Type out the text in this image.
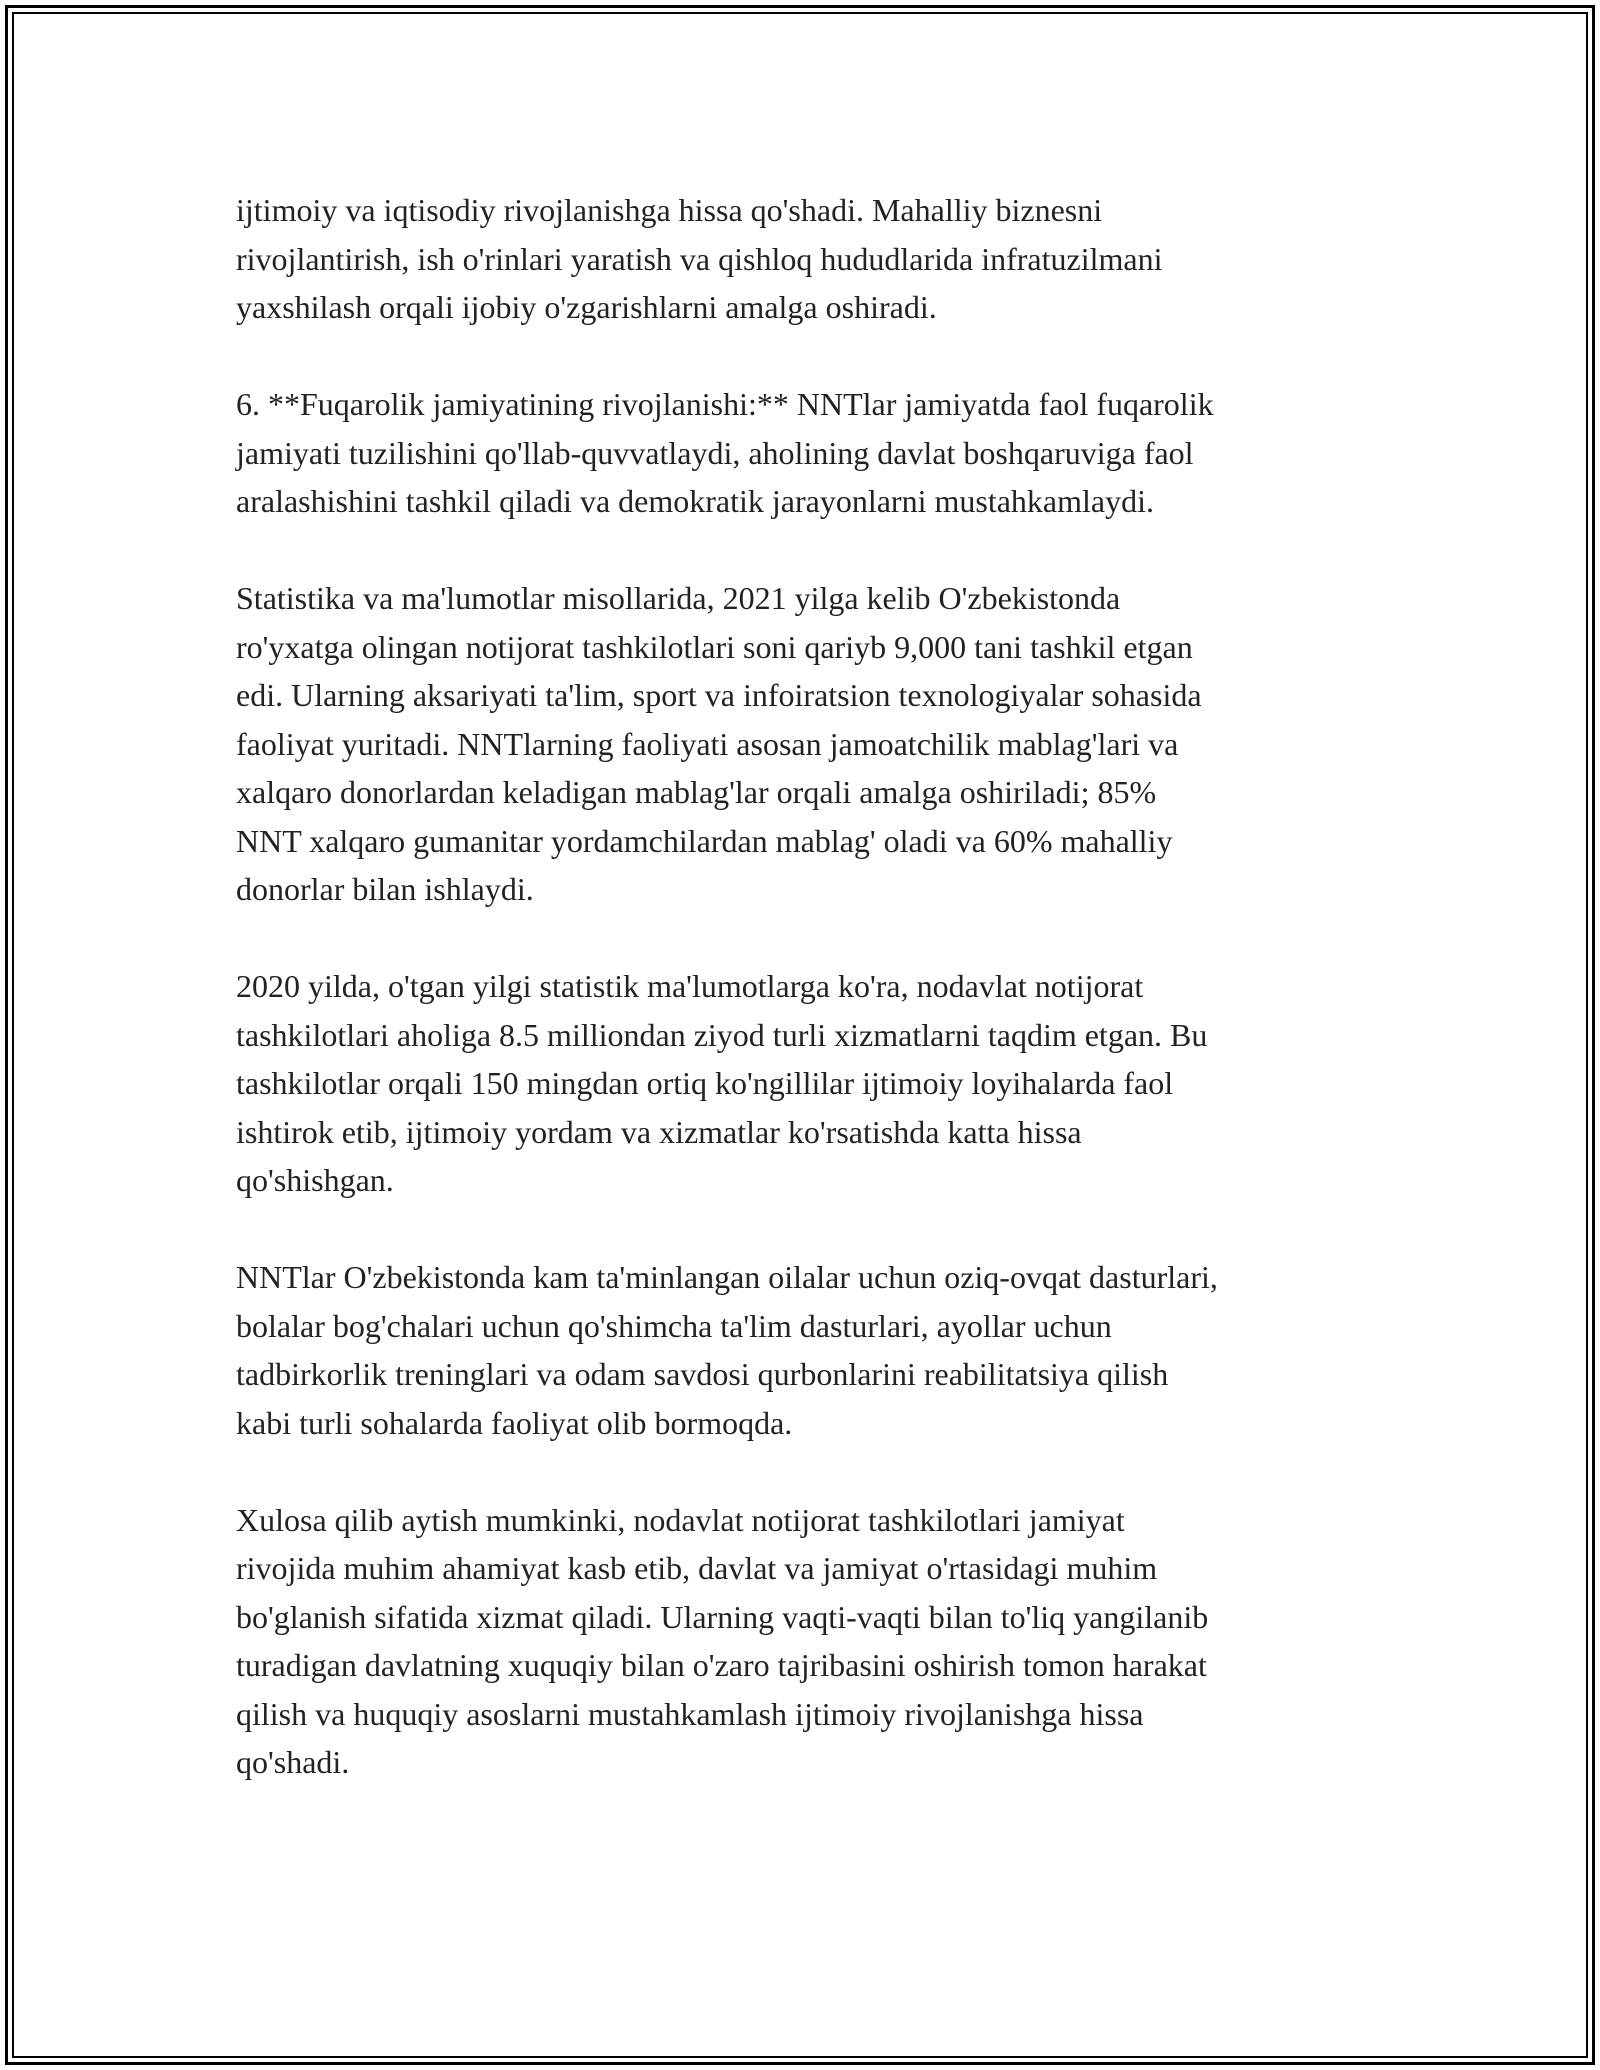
ijtimoiy va iqtisodiy rivojlanishga hissa qo'shadi. Mahalliy biznesni
rivojlantirish, ish o'rinlari yaratish va qishloq hududlarida infratuzilmani
yaxshilash orqali ijobiy o'zgarishlarni amalga oshiradi.

6. **Fuqarolik jamiyatining rivojlanishi:** NNTlar jamiyatda faol fuqarolik
jamiyati tuzilishini qo'llab-quvvatlaydi, aholining davlat boshqaruviga faol
aralashishini tashkil qiladi va demokratik jarayonlarni mustahkamlaydi.

Statistika va ma'lumotlar misollarida, 2021 yilga kelib O'zbekistonda
ro'yxatga olingan notijorat tashkilotlari soni qariyb 9,000 tani tashkil etgan
edi. Ularning aksariyati ta'lim, sport va infoiratsion texnologiyalar sohasida
faoliyat yuritadi. NNTlarning faoliyati asosan jamoatchilik mablag'lari va
xalqaro donorlardan keladigan mablag'lar orqali amalga oshiriladi; 85%
NNT xalqaro gumanitar yordamchilardan mablag' oladi va 60% mahalliy
donorlar bilan ishlaydi.

2020 yilda, o'tgan yilgi statistik ma'lumotlarga ko'ra, nodavlat notijorat
tashkilotlari aholiga 8.5 milliondan ziyod turli xizmatlarni taqdim etgan. Bu
tashkilotlar orqali 150 mingdan ortiq ko'ngillilar ijtimoiy loyihalarda faol
ishtirok etib, ijtimoiy yordam va xizmatlar ko'rsatishda katta hissa
qo'shishgan.

NNTlar O'zbekistonda kam ta'minlangan oilalar uchun oziq-ovqat dasturlari,
bolalar bog'chalari uchun qo'shimcha ta'lim dasturlari, ayollar uchun
tadbirkorlik treninglari va odam savdosi qurbonlarini reabilitatsiya qilish
kabi turli sohalarda faoliyat olib bormoqda.

Xulosa qilib aytish mumkinki, nodavlat notijorat tashkilotlari jamiyat
rivojida muhim ahamiyat kasb etib, davlat va jamiyat o'rtasidagi muhim
bo'glanish sifatida xizmat qiladi. Ularning vaqti-vaqti bilan to'liq yangilanib
turadigan davlatning xuquqiy bilan o'zaro tajribasini oshirish tomon harakat
qilish va huquqiy asoslarni mustahkamlash ijtimoiy rivojlanishga hissa
qo'shadi.
